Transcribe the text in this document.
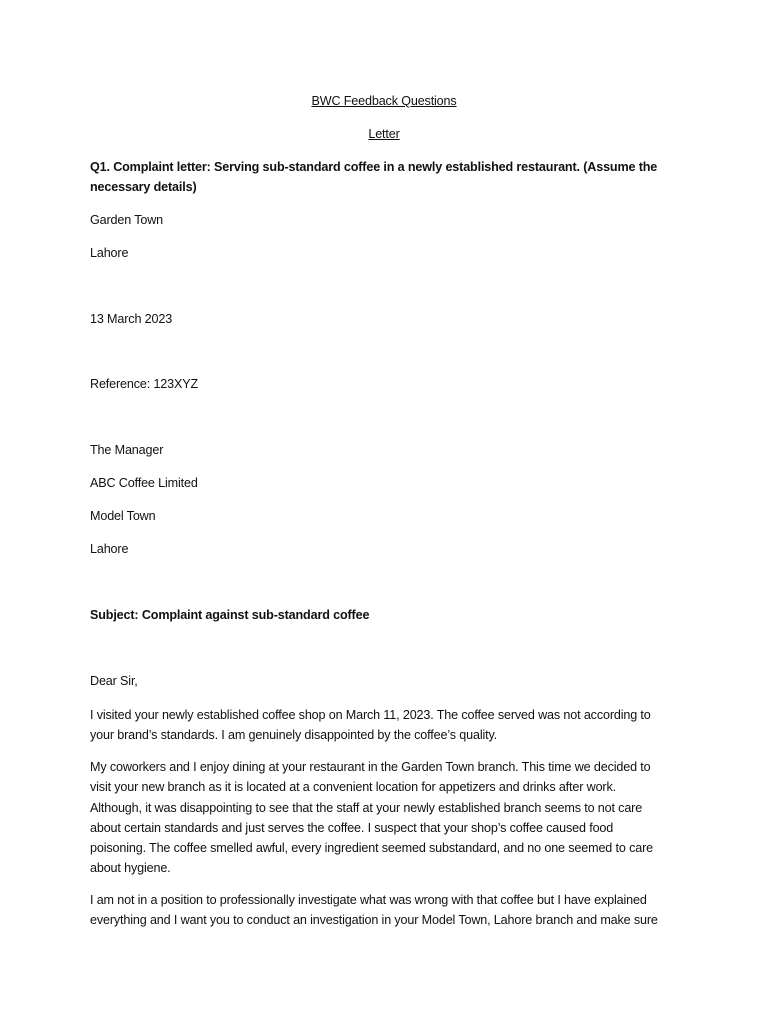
BWC Feedback Questions
Letter
Q1. Complaint letter: Serving sub-standard coffee in a newly established restaurant. (Assume the
necessary details)
Garden Town
Lahore
13 March 2023
Reference: 123XYZ
The Manager
ABC Coffee Limited
Model Town
Lahore
Subject: Complaint against sub-standard coffee
Dear Sir,
I visited your newly established coffee shop on March 11, 2023. The coffee served was not according to
your brand’s standards. I am genuinely disappointed by the coffee’s quality.
My coworkers and I enjoy dining at your restaurant in the Garden Town branch. This time we decided to
visit your new branch as it is located at a convenient location for appetizers and drinks after work.
Although, it was disappointing to see that the staff at your newly established branch seems to not care
about certain standards and just serves the coffee. I suspect that your shop’s coffee caused food
poisoning. The coffee smelled awful, every ingredient seemed substandard, and no one seemed to care
about hygiene.
I am not in a position to professionally investigate what was wrong with that coffee but I have explained
everything and I want you to conduct an investigation in your Model Town, Lahore branch and make sure
